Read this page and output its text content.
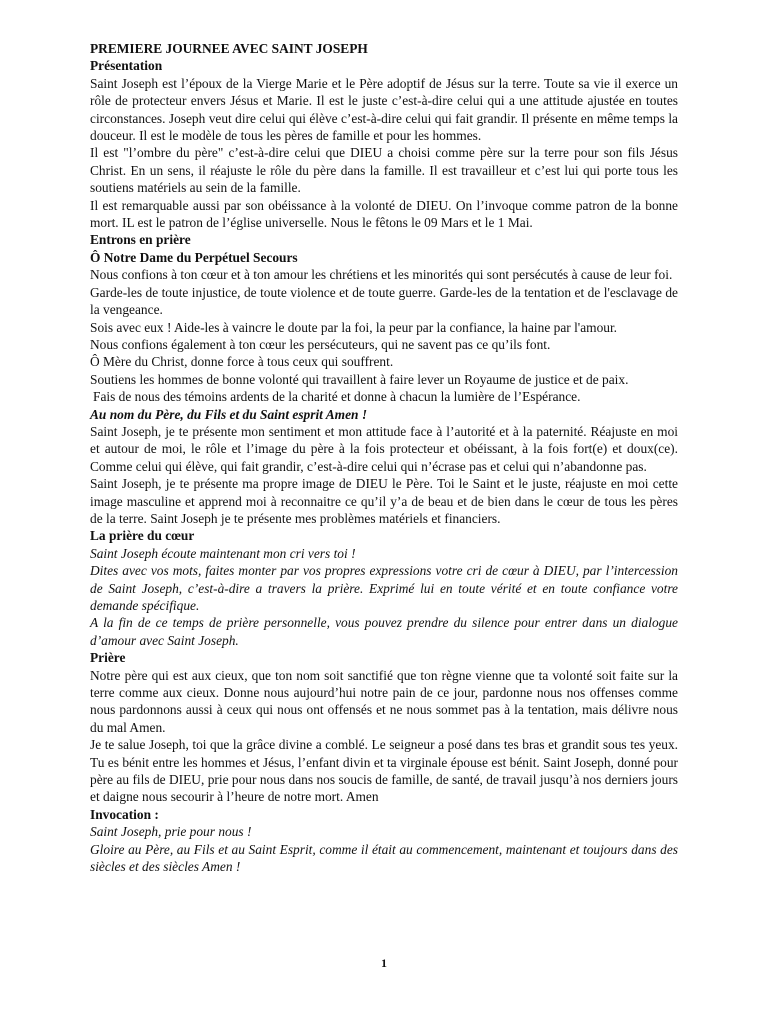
PREMIERE JOURNEE AVEC SAINT JOSEPH
Présentation

Saint Joseph est l’époux de la Vierge Marie et le Père adoptif de Jésus sur la terre. Toute sa vie il exerce un rôle de protecteur envers Jésus et Marie. Il est le juste c’est-à-dire celui qui a une attitude ajustée en toutes circonstances. Joseph veut dire celui qui élève c’est-à-dire celui qui fait grandir. Il présente en même temps la douceur. Il est le modèle de tous les pères de famille et pour les hommes.

Il est "l’ombre du père" c’est-à-dire celui que DIEU a choisi comme père sur la terre pour son fils Jésus Christ. En un sens, il réajuste le rôle du père dans la famille. Il est travailleur et c’est lui qui porte tous les soutiens matériels au sein de la famille.

Il est remarquable aussi par son obéissance à la volonté de DIEU. On l’invoque comme patron de la bonne mort. IL est le patron de l’église universelle. Nous le fêtons le 09 Mars et le 1 Mai.

Entrons en prière
Ô Notre Dame du Perpétuel Secours

Nous confions à ton cœur et à ton amour les chrétiens et les minorités qui sont persécutés à cause de leur foi.

Garde-les de toute injustice, de toute violence et de toute guerre. Garde-les de la tentation et de l'esclavage de la vengeance.

Sois avec eux ! Aide-les à vaincre le doute par la foi, la peur par la confiance, la haine par l'amour.

Nous confions également à ton cœur les persécuteurs, qui ne savent pas ce qu’ils font.

Ô Mère du Christ, donne force à tous ceux qui souffrent.

Soutiens les hommes de bonne volonté qui travaillent à faire lever un Royaume de justice et de paix.

Fais de nous des témoins ardents de la charité et donne à chacun la lumière de l’Espérance.

Au nom du Père, du Fils et du Saint esprit Amen !

Saint Joseph, je te présente mon sentiment et mon attitude face à l’autorité et à la paternité. Réajuste en moi et autour de moi, le rôle et l’image du père à la fois protecteur et obéissant, à la fois fort(e) et doux(ce). Comme celui qui élève, qui fait grandir, c’est-à-dire celui qui n’écrase pas et celui qui n’abandonne pas.

Saint Joseph, je te présente ma propre image de DIEU le Père. Toi le Saint et le juste, réajuste en moi cette image masculine et apprend moi à reconnaitre ce qu’il y’a de beau et de bien dans le cœur de tous les pères de la terre. Saint Joseph je te présente mes problèmes matériels et financiers.

La prière du cœur

Saint Joseph écoute maintenant mon cri vers toi !

Dites avec vos mots, faites monter par vos propres expressions votre cri de cœur à DIEU, par l’intercession de Saint Joseph, c’est-à-dire a travers la prière. Exprimé lui en toute vérité et en toute confiance votre demande spécifique.

A la fin de ce temps de prière personnelle, vous pouvez prendre du silence pour entrer dans un dialogue d’amour avec Saint Joseph.

Prière

Notre père qui est aux cieux, que ton nom soit sanctifié que ton règne vienne que ta volonté soit faite sur la terre comme aux cieux. Donne nous aujourd’hui notre pain de ce jour, pardonne nous nos offenses comme nous pardonnons aussi à ceux qui nous ont offensés et ne nous sommet pas à la tentation, mais délivre nous du mal Amen.

Je te salue Joseph, toi que la grâce divine a comblé. Le seigneur a posé dans tes bras et grandit sous tes yeux. Tu es bénit entre les hommes et Jésus, l’enfant divin et ta virginale épouse est bénit. Saint Joseph, donné pour père au fils de DIEU, prie pour nous dans nos soucis de famille, de santé, de travail jusqu’à nos derniers jours et daigne nous secourir à l’heure de notre mort. Amen

Invocation :

Saint Joseph, prie pour nous !

Gloire au Père, au Fils et au Saint Esprit, comme il était au commencement, maintenant et toujours dans des siècles et des siècles Amen !

1
